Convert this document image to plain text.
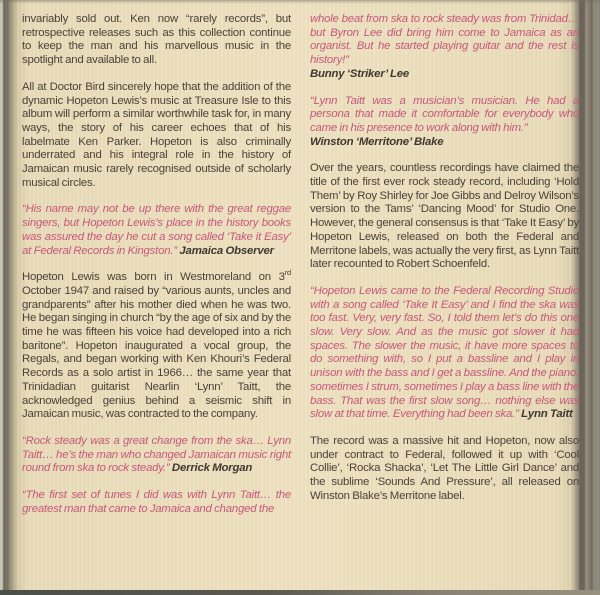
invariably sold out. Ken now “rarely records”, but retrospective releases such as this collection continue to keep the man and his marvellous music in the spotlight and available to all.

All at Doctor Bird sincerely hope that the addition of the dynamic Hopeton Lewis’s music at Treasure Isle to this album will perform a similar worthwhile task for, in many ways, the story of his career echoes that of his labelmate Ken Parker. Hopeton is also criminally underrated and his integral role in the history of Jamaican music rarely recognised outside of scholarly musical circles.

“His name may not be up there with the great reggae singers, but Hopeton Lewis’s place in the history books was assured the day he cut a song called ‘Take it Easy’ at Federal Records in Kingston.” Jamaica Observer

Hopeton Lewis was born in Westmoreland on 3rd October 1947 and raised by “various aunts, uncles and grandparents” after his mother died when he was two. He began singing in church “by the age of six and by the time he was fifteen his voice had developed into a rich baritone”. Hopeton inaugurated a vocal group, the Regals, and began working with Ken Khouri’s Federal Records as a solo artist in 1966… the same year that Trinidadian guitarist Nearlin ‘Lynn’ Taitt, the acknowledged genius behind a seismic shift in Jamaican music, was contracted to the company.

“Rock steady was a great change from the ska… Lynn Taitt… he’s the man who changed Jamaican music right round from ska to rock steady.” Derrick Morgan

“The first set of tunes I did was with Lynn Taitt… the greatest man that came to Jamaica and changed the

whole beat from ska to rock steady was from Trinidad… but Byron Lee did bring him come to Jamaica as an organist. But he started playing guitar and the rest is history!”
Bunny ‘Striker’ Lee

“Lynn Taitt was a musician’s musician. He had a persona that made it comfortable for everybody who came in his presence to work along with him.”
Winston ‘Merritone’ Blake

Over the years, countless recordings have claimed the title of the first ever rock steady record, including ‘Hold Them’ by Roy Shirley for Joe Gibbs and Delroy Wilson’s version to the Tams’ ‘Dancing Mood’ for Studio One. However, the general consensus is that ‘Take It Easy’ by Hopeton Lewis, released on both the Federal and Merritone labels, was actually the very first, as Lynn Taitt later recounted to Robert Schoenfeld.

“Hopeton Lewis came to the Federal Recording Studio with a song called ‘Take It Easy’ and I find the ska was too fast. Very, very fast. So, I told them let’s do this one slow. Very slow. And as the music got slower it had spaces. The slower the music, it have more spaces to do something with, so I put a bassline and I play in unison with the bass and I get a bassline. And the piano, sometimes I strum, sometimes I play a bass line with the bass. That was the first slow song… nothing else was slow at that time. Everything had been ska.” Lynn Taitt

The record was a massive hit and Hopeton, now also under contract to Federal, followed it up with ‘Cool Collie’, ‘Rocka Shacka’, ‘Let The Little Girl Dance’ and the sublime ‘Sounds And Pressure’, all released on Winston Blake’s Merritone label.
